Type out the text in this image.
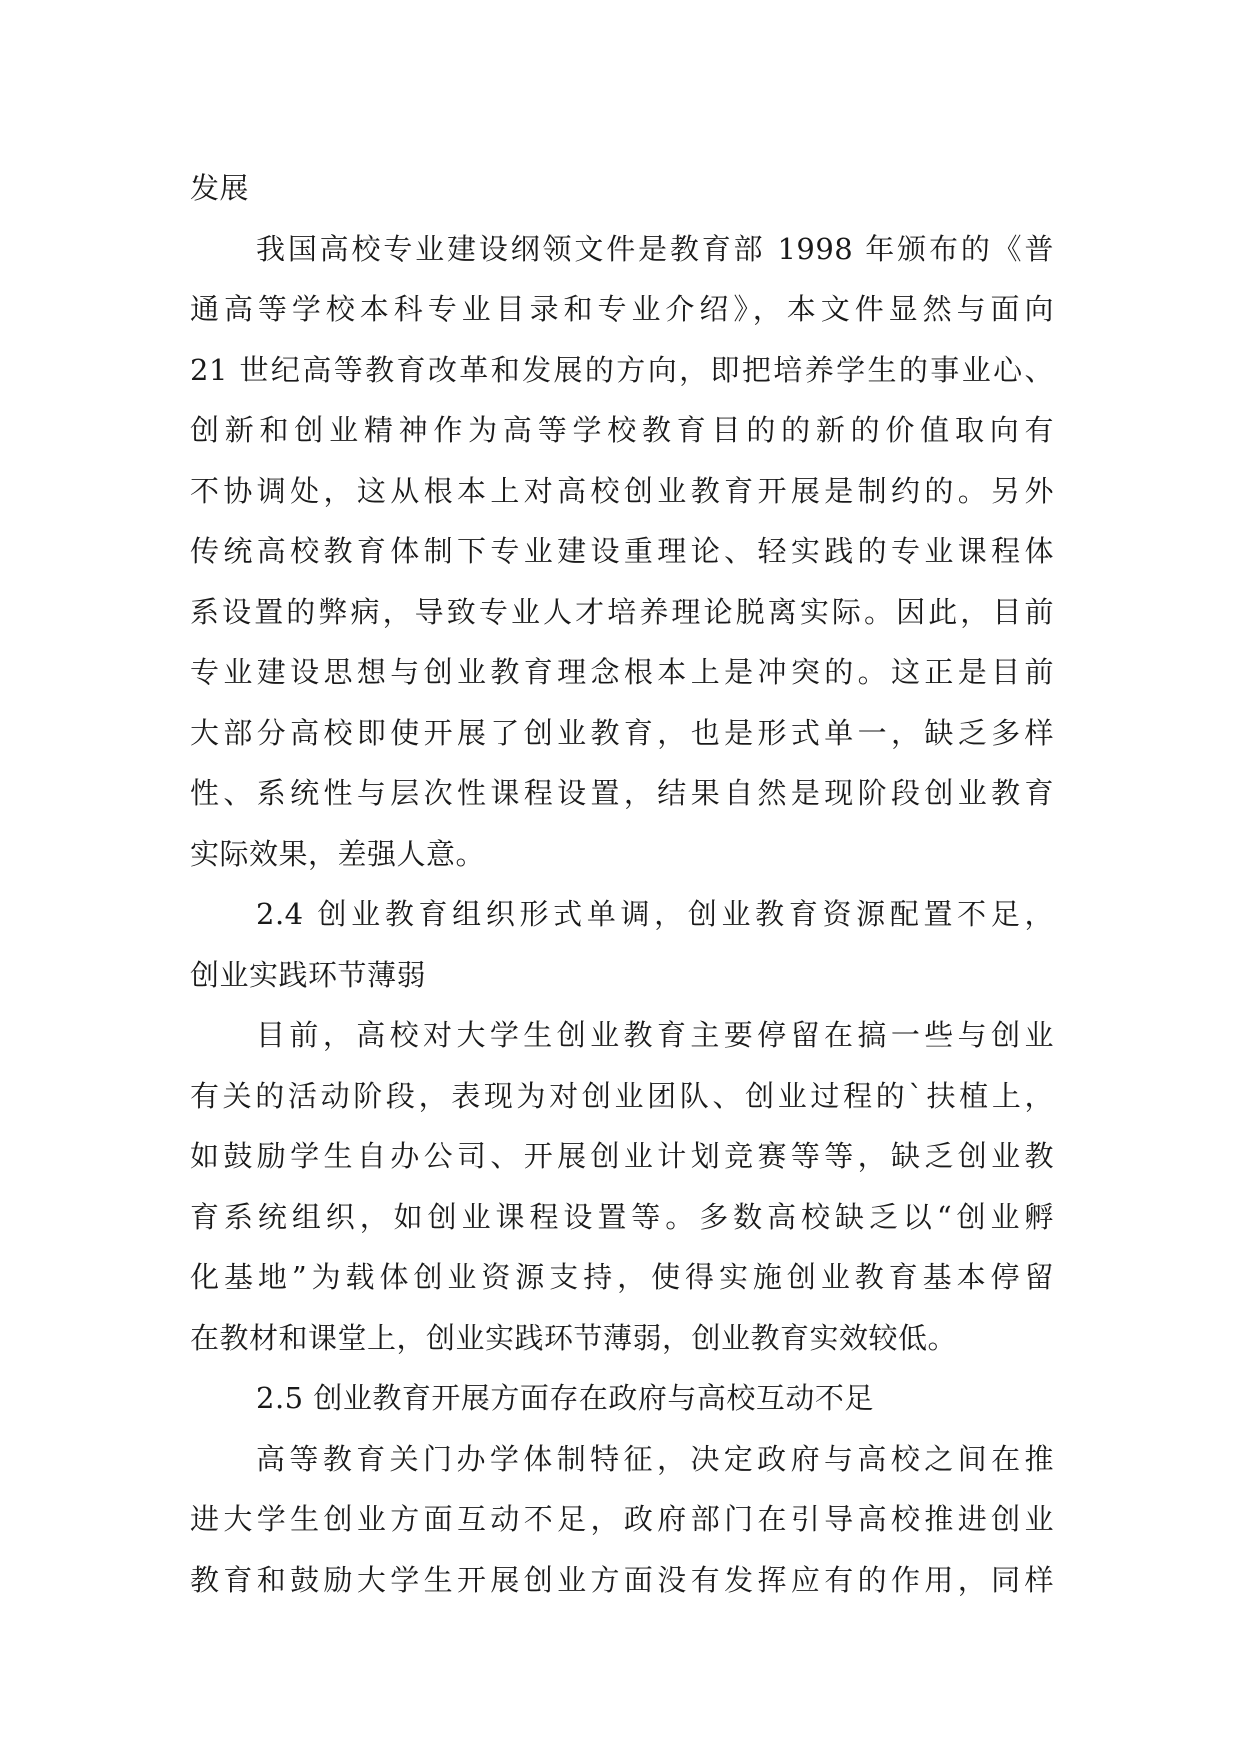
发展
我国高校专业建设纲领文件是教育部 1998 年颁布的《普
通高等学校本科专业目录和专业介绍》，本文件显然与面向
21 世纪高等教育改革和发展的方向，即把培养学生的事业心、
创新和创业精神作为高等学校教育目的的新的价值取向有
不协调处，这从根本上对高校创业教育开展是制约的。另外
传统高校教育体制下专业建设重理论、轻实践的专业课程体
系设置的弊病，导致专业人才培养理论脱离实际。因此，目前
专业建设思想与创业教育理念根本上是冲突的。这正是目前
大部分高校即使开展了创业教育，也是形式单一，缺乏多样
性、系统性与层次性课程设置，结果自然是现阶段创业教育
实际效果，差强人意。
2.4 创业教育组织形式单调，创业教育资源配置不足，
创业实践环节薄弱
目前，高校对大学生创业教育主要停留在搞一些与创业
有关的活动阶段，表现为对创业团队、创业过程的`扶植上，
如鼓励学生自办公司、开展创业计划竞赛等等，缺乏创业教
育系统组织，如创业课程设置等。多数高校缺乏以“创业孵
化基地”为载体创业资源支持，使得实施创业教育基本停留
在教材和课堂上，创业实践环节薄弱，创业教育实效较低。
2.5 创业教育开展方面存在政府与高校互动不足
高等教育关门办学体制特征，决定政府与高校之间在推
进大学生创业方面互动不足，政府部门在引导高校推进创业
教育和鼓励大学生开展创业方面没有发挥应有的作用，同样
